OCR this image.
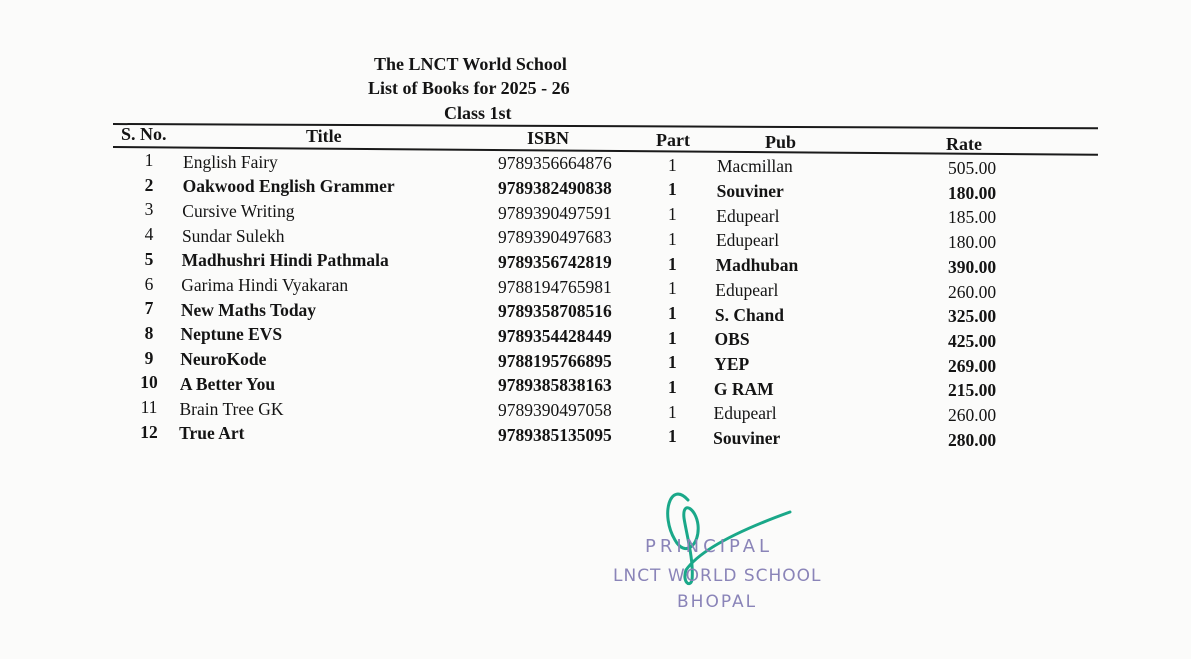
The LNCT World School
List of Books for 2025 - 26
Class 1st
S. No.	Title	ISBN	Part	Pub	Rate
1	English Fairy	9789356664876	1 Macmillan	505.00
2	Oakwood English Grammer	9789382490838	1 Souviner	180.00
3	Cursive Writing	9789390497591	1 Edupearl	185.00
4	Sundar Sulekh	9789390497683	1 Edupearl	180.00
5	Madhushri Hindi Pathmala	9789356742819	1 Madhuban	390.00
6	Garima Hindi Vyakaran	9788194765981	1 Edupearl	260.00
7	New Maths Today	9789358708516	1 S. Chand	325.00
8	Neptune EVS	9789354428449	1 OBS	425.00
9	NeuroKode	9788195766895	1 YEP	269.00
10	A Better You	9789385838163	1 G RAM	215.00
11	Brain Tree GK	9789390497058	1 Edupearl	260.00
12	True Art	9789385135095	1 Souviner	280.00
PRINCIPAL
LNCT WORLD SCHOOL
BHOPAL
